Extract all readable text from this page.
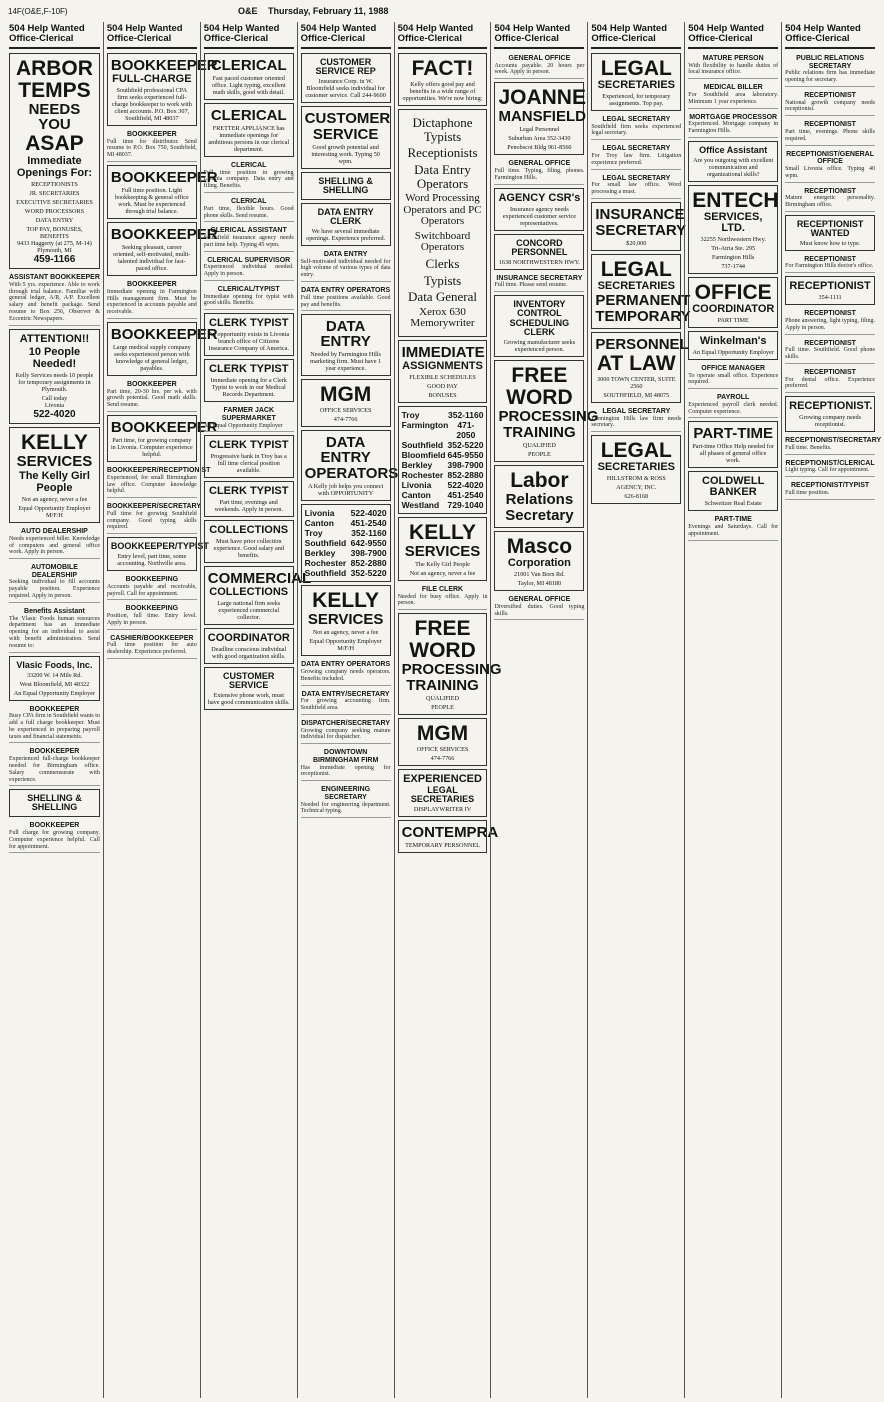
14F(O&E,F-10F)	O&E Thursday, February 11, 1988
504 Help Wanted
Office-Clerical
ARBOR
TEMPS
NEEDS YOU
ASAP
Immediate Openings For:
RECEPTIONISTS
JR. SECRETARIES
EXECUTIVE SECRETARIES
WORD PROCESSORS
DATA ENTRY
TOP PAY, BONUSES, BENEFITS
9433 Haggerty (at 275, M-14) Plymouth, MI
459-1166
ASSISTANT BOOKKEEPER
With 5 yrs. experience. Able to work through trial balance. Familiar with general ledger, A/R, A/P. Excellent salary and benefit package. Send resume to Box 256, Observer & Eccentric Newspapers.
ATTENTION!!
10 People Needed!
Kelly Services needs 10 people for temporary assignments in Plymouth.
Call today
Livonia
522-4020
KELLY
SERVICES
The Kelly Girl People
Not an agency, never a fee
Equal Opportunity Employer M/F/H
AUTO DEALERSHIP
Needs experienced biller. Knowledge of computers and general office work. Apply in person.
AUTOMOBILE DEALERSHIP
Seeking individual to fill accounts payable position. Experience required. Apply in person.
Benefits Assistant
The Vlasic Foods human resources department has an immediate opening for an individual to assist with benefit administration. Send resume to:
Vlasic Foods, Inc.
33200 W. 14 Mile Rd.
West Bloomfield, MI 48322
An Equal Opportunity Employer
BOOKKEEPER
Busy CPA firm in Southfield wants to add a full charge bookkeeper. Must be experienced in preparing payroll taxes and financial statements.
BOOKKEEPER
Experienced full-charge bookkeeper needed for Birmingham office. Salary commensurate with experience.
SHELLING & SHELLING
BOOKKEEPER
Full charge for growing company. Computer experience helpful. Call for appointment.
504 Help Wanted
Office-Clerical
BOOKKEEPER
FULL-CHARGE
Southfield professional CPA firm seeks experienced full-charge bookkeeper to work with client accounts. P.O. Box 307, Southfield, MI 48037
BOOKKEEPER
Full time for distributor. Send resume to P.O. Box 750, Southfield, MI 48037.
BOOKKEEPER
Full time position. Light bookkeeping & general office work. Must be experienced through trial balance.
BOOKKEEPER
Seeking pleasant, career oriented, self-motivated, multi-talented individual for fast-paced office.
BOOKKEEPER
Immediate opening in Farmington Hills management firm. Must be experienced in accounts payable and receivable.
BOOKKEEPER
Large medical supply company seeks experienced person with knowledge of general ledger, payables.
BOOKKEEPER
Part time, 20-30 hrs. per wk. with growth potential. Good math skills. Send resume.
BOOKKEEPER
Part time, for growing company in Livonia. Computer experience helpful.
BOOKKEEPER/RECEPTIONIST
Experienced, for small Birmingham law office. Computer knowledge helpful.
BOOKKEEPER/SECRETARY
Full time for growing Southfield company. Good typing skills required.
BOOKKEEPER/TYPIST
Entry level, part time, some accounting. Northville area.
BOOKKEEPING
Accounts payable and receivable, payroll. Call for appointment.
BOOKKEEPING
Position, full time. Entry level. Apply in person.
CASHIER/BOOKKEEPER
Full time position for auto dealership. Experience preferred.
504 Help Wanted
Office-Clerical
CLERICAL
Fast paced customer oriented office. Light typing, excellent math skills, good with detail.
CLERICAL
FRETTER APPLIANCE has immediate openings for ambitious persons in our clerical department.
CLERICAL
Full time position in growing Livonia company. Data entry and filing. Benefits.
CLERICAL
Part time, flexible hours. Good phone skills. Send resume.
CLERICAL ASSISTANT
Southfield insurance agency needs part time help. Typing 45 wpm.
CLERICAL SUPERVISOR
Experienced individual needed. Apply in person.
CLERICAL/TYPIST
Immediate opening for typist with good skills. Benefits.
CLERK TYPIST
An opportunity exists in Livonia branch office of Citizens Insurance Company of America.
CLERK TYPIST
Immediate opening for a Clerk Typist to work in our Medical Records Department.
FARMER JACK SUPERMARKET
An Equal Opportunity Employer
CLERK TYPIST
Progressive bank in Troy has a full time clerical position available.
CLERK TYPIST
Part time, evenings and weekends. Apply in person.
COLLECTIONS
Must have prior collection experience. Good salary and benefits.
COMMERCIAL
COLLECTIONS
Large national firm seeks experienced commercial collector.
COORDINATOR
Deadline conscious individual with good organization skills.
CUSTOMER SERVICE
Extensive phone work, must have good communication skills.
504 Help Wanted
Office-Clerical
CUSTOMER SERVICE REP
Insurance Corp. in W. Bloomfield seeks individual for customer service. Call 244-9600
CUSTOMER
SERVICE
Good growth potential and interesting work. Typing 50 wpm.
SHELLING & SHELLING
DATA ENTRY CLERK
We have several immediate openings. Experience preferred.
DATA ENTRY
Self-motivated individual needed for high volume of various types of data entry.
DATA ENTRY OPERATORS
Full time positions available. Good pay and benefits.
DATA ENTRY
Needed by Farmington Hills marketing firm. Must have 1 year experience.
MGM
OFFICE SERVICES
474-7766
DATA ENTRY
OPERATORS
A Kelly job helps you connect with OPPORTUNITY
Livonia 522-4020
Canton 451-2540
Troy	352-1160
Southfield 642-9550
Berkley 398-7900
Rochester 852-2880
Southfield 352-5220
KELLY
SERVICES
Not an agency, never a fee
Equal Opportunity Employer M/F/H
DATA ENTRY OPERATORS
Growing company needs operators. Benefits included.
DATA ENTRY/SECRETARY
For growing accounting firm. Southfield area.
DISPATCHER/SECRETARY
Growing company seeking mature individual for dispatcher.
DOWNTOWN BIRMINGHAM FIRM
Has immediate opening for receptionist.
ENGINEERING SECRETARY
Needed for engineering department. Technical typing.
504 Help Wanted
Office-Clerical
FACT!
Kelly offers good pay and benefits in a wide range of opportunities. We're now hiring:
Dictaphone Typists
Receptionists
Data Entry Operators
Word Processing Operators and PC Operators
Switchboard Operators
Clerks
Typists
Data General
Xerox 630 Memorywriter
IMMEDIATE
ASSIGNMENTS
FLEXIBLE SCHEDULES
GOOD PAY
BONUSES
Troy	352-1160
Farmington	471-2050
Southfield 352-5220
Bloomfield 645-9550
Berkley 398-7900
Rochester 852-2880
Livonia 522-4020
Canton 451-2540
Westland 729-1040
KELLY
SERVICES
The Kelly Girl People
Not an agency, never a fee
FILE CLERK
Needed for busy office. Apply in person.
FREE
WORD
PROCESSING
TRAINING
QUALIFIED
PEOPLE
MGM
OFFICE SERVICES
474-7766
EXPERIENCED
LEGAL SECRETARIES
DISPLAYWRITER IV
CONTEMPRA
TEMPORARY PERSONNEL
504 Help Wanted
Office-Clerical
GENERAL OFFICE
Accounts payable. 20 hours per week. Apply in person.
JOANNE
MANSFIELD
Legal Personnel
Suburban Area 352-3430
Penobscot Bldg 961-8560
GENERAL OFFICE
Full time. Typing, filing, phones. Farmington Hills.
AGENCY CSR's
Insurance agency needs experienced customer service representatives.
CONCORD PERSONNEL
1638 NORTHWESTERN HWY.
INSURANCE SECRETARY
Full time. Please send resume.
INVENTORY CONTROL
SCHEDULING CLERK
Growing manufacturer seeks experienced person.
FREE
WORD
PROCESSING
TRAINING
QUALIFIED
PEOPLE
Labor
Relations
Secretary
Masco
Corporation
21001 Van Born Rd.
Taylor, MI 48180
GENERAL OFFICE
Diversified duties. Good typing skills.
504 Help Wanted
Office-Clerical
LEGAL
SECRETARIES
Experienced, for temporary assignments. Top pay.
LEGAL SECRETARY
Southfield firm seeks experienced legal secretary.
LEGAL SECRETARY
For Troy law firm. Litigation experience preferred.
LEGAL SECRETARY
For small law office. Word processing a must.
INSURANCE
SECRETARY
$20,000
LEGAL
SECRETARIES
PERMANENT
TEMPORARY
PERSONNEL
AT LAW
3000 TOWN CENTER, SUITE 2560
SOUTHFIELD, MI 48075
LEGAL SECRETARY
Farmington Hills law firm needs secretary.
LEGAL
SECRETARIES
HILLSTROM & ROSS
AGENCY, INC.
626-8168
504 Help Wanted
Office-Clerical
MATURE PERSON
With flexibility to handle duties of local insurance office.
MEDICAL BILLER
For Southfield area laboratory. Minimum 1 year experience.
MORTGAGE PROCESSOR
Experienced. Mortgage company in Farmington Hills.
Office Assistant
Are you outgoing with excellent communication and organizational skills?
ENTECH
SERVICES, LTD.
32255 Northwestern Hwy.
Tri-Atria Ste. 295
Farmington Hills
737-1744
OFFICE
COORDINATOR
PART TIME
Winkelman's
An Equal Opportunity Employer
OFFICE MANAGER
To operate small office. Experience required.
PAYROLL
Experienced payroll clerk needed. Computer experience.
PART-TIME
Part-time Office Help needed for all phases of general office work.
COLDWELL BANKER
Schweitzer Real Estate
PART-TIME
Evenings and Saturdays. Call for appointment.
504 Help Wanted
Office-Clerical
PUBLIC RELATIONS SECRETARY
Public relations firm has immediate opening for secretary.
RECEPTIONIST
National growth company needs receptionist.
RECEPTIONIST
Part time, evenings. Phone skills required.
RECEPTIONIST/GENERAL OFFICE
Small Livonia office. Typing 40 wpm.
RECEPTIONIST
Mature energetic personality. Birmingham office.
RECEPTIONIST WANTED
Must know how to type.
RECEPTIONIST
For Farmington Hills doctor's office.
RECEPTIONIST
354-1111
RECEPTIONIST
Phone answering, light typing, filing. Apply in person.
RECEPTIONIST
Full time. Southfield. Good phone skills.
RECEPTIONIST
For dental office. Experience preferred.
RECEPTIONIST.
Growing company needs receptionist.
RECEPTIONIST/SECRETARY
Full time. Benefits.
RECEPTIONIST/CLERICAL
Light typing. Call for appointment.
RECEPTIONIST/TYPIST
Full time position.
